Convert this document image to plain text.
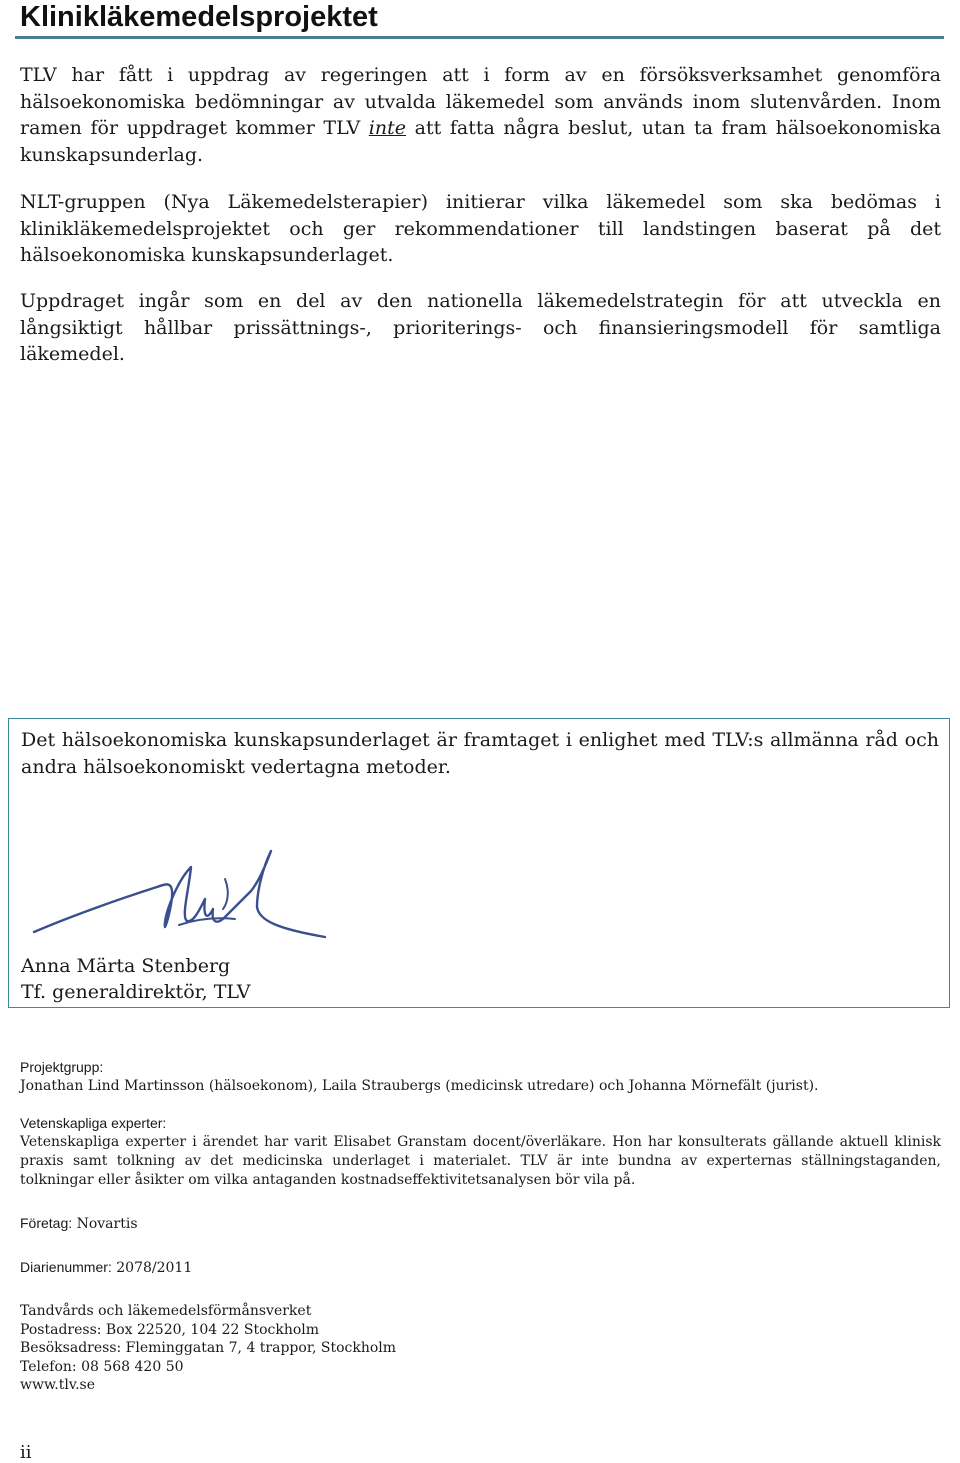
Klinikläkemedelsprojektet

TLV har fått i uppdrag av regeringen att i form av en försöksverksamhet genomföra hälsoekonomiska bedömningar av utvalda läkemedel som används inom slutenvården. Inom ramen för uppdraget kommer TLV inte att fatta några beslut, utan ta fram hälsoekonomiska kunskapsunderlag.

NLT-gruppen (Nya Läkemedelsterapier) initierar vilka läkemedel som ska bedömas i klinikläkemedelsprojektet och ger rekommendationer till landstingen baserat på det hälsoekonomiska kunskapsunderlaget.

Uppdraget ingår som en del av den nationella läkemedelstrategin för att utveckla en långsiktigt hållbar prissättnings-, prioriterings- och finansieringsmodell för samtliga läkemedel.

Det hälsoekonomiska kunskapsunderlaget är framtaget i enlighet med TLV:s allmänna råd och andra hälsoekonomiskt vedertagna metoder.

Anna Märta Stenberg
Tf. generaldirektör, TLV
Projektgrupp:
Jonathan Lind Martinsson (hälsoekonom), Laila Straubergs (medicinsk utredare) och Johanna Mörnefält (jurist).
Vetenskapliga experter:
Vetenskapliga experter i ärendet har varit Elisabet Granstam docent/överläkare. Hon har konsulterats gällande aktuell klinisk praxis samt tolkning av det medicinska underlaget i materialet. TLV är inte bundna av experternas ställningstaganden, tolkningar eller åsikter om vilka antaganden kostnadseffektivitetsanalysen bör vila på.
Företag: Novartis
Diarienummer: 2078/2011
Tandvårds och läkemedelsförmånsverket
Postadress: Box 22520, 104 22 Stockholm
Besöksadress: Fleminggatan 7, 4 trappor, Stockholm
Telefon: 08 568 420 50
www.tlv.se
ii
